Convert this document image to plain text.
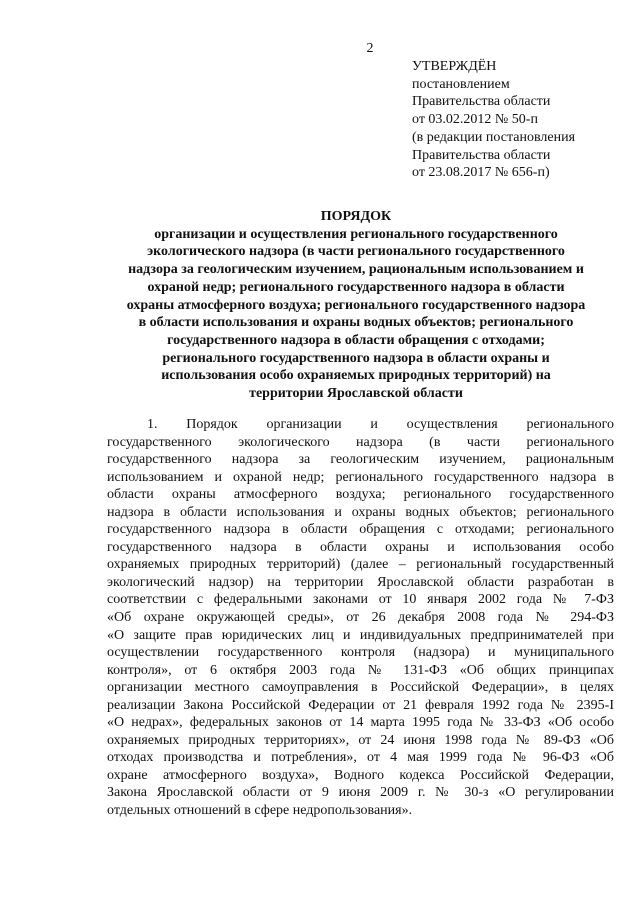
2
УТВЕРЖДЁН
постановлением
Правительства области
от 03.02.2012 № 50-п
(в редакции постановления
Правительства области
от 23.08.2017 № 656-п)
ПОРЯДОК
организации и осуществления регионального государственного
экологического надзора (в части регионального государственного
надзора за геологическим изучением, рациональным использованием и
охраной недр; регионального государственного надзора в области
охраны атмосферного воздуха; регионального государственного надзора
в области использования и охраны водных объектов; регионального
государственного надзора в области обращения с отходами;
регионального государственного надзора в области охраны и
использования особо охраняемых природных территорий) на
территории Ярославской области
1. Порядок организации и осуществления регионального
государственного экологического надзора (в части регионального
государственного надзора за геологическим изучением, рациональным
использованием и охраной недр; регионального государственного надзора в
области охраны атмосферного воздуха; регионального государственного
надзора в области использования и охраны водных объектов; регионального
государственного надзора в области обращения с отходами; регионального
государственного надзора в области охраны и использования особо
охраняемых природных территорий) (далее – региональный государственный
экологический надзор) на территории Ярославской области разработан в
соответствии с федеральными законами от 10 января 2002 года № 7-ФЗ
«Об охране окружающей среды», от 26 декабря 2008 года № 294-ФЗ
«О защите прав юридических лиц и индивидуальных предпринимателей при
осуществлении государственного контроля (надзора) и муниципального
контроля», от 6 октября 2003 года № 131-ФЗ «Об общих принципах
организации местного самоуправления в Российской Федерации», в целях
реализации Закона Российской Федерации от 21 февраля 1992 года № 2395-I
«О недрах», федеральных законов от 14 марта 1995 года № 33-ФЗ «Об особо
охраняемых природных территориях», от 24 июня 1998 года № 89-ФЗ «Об
отходах производства и потребления», от 4 мая 1999 года № 96-ФЗ «Об
охране атмосферного воздуха», Водного кодекса Российской Федерации,
Закона Ярославской области от 9 июня 2009 г. № 30-з «О регулировании
отдельных отношений в сфере недропользования».
